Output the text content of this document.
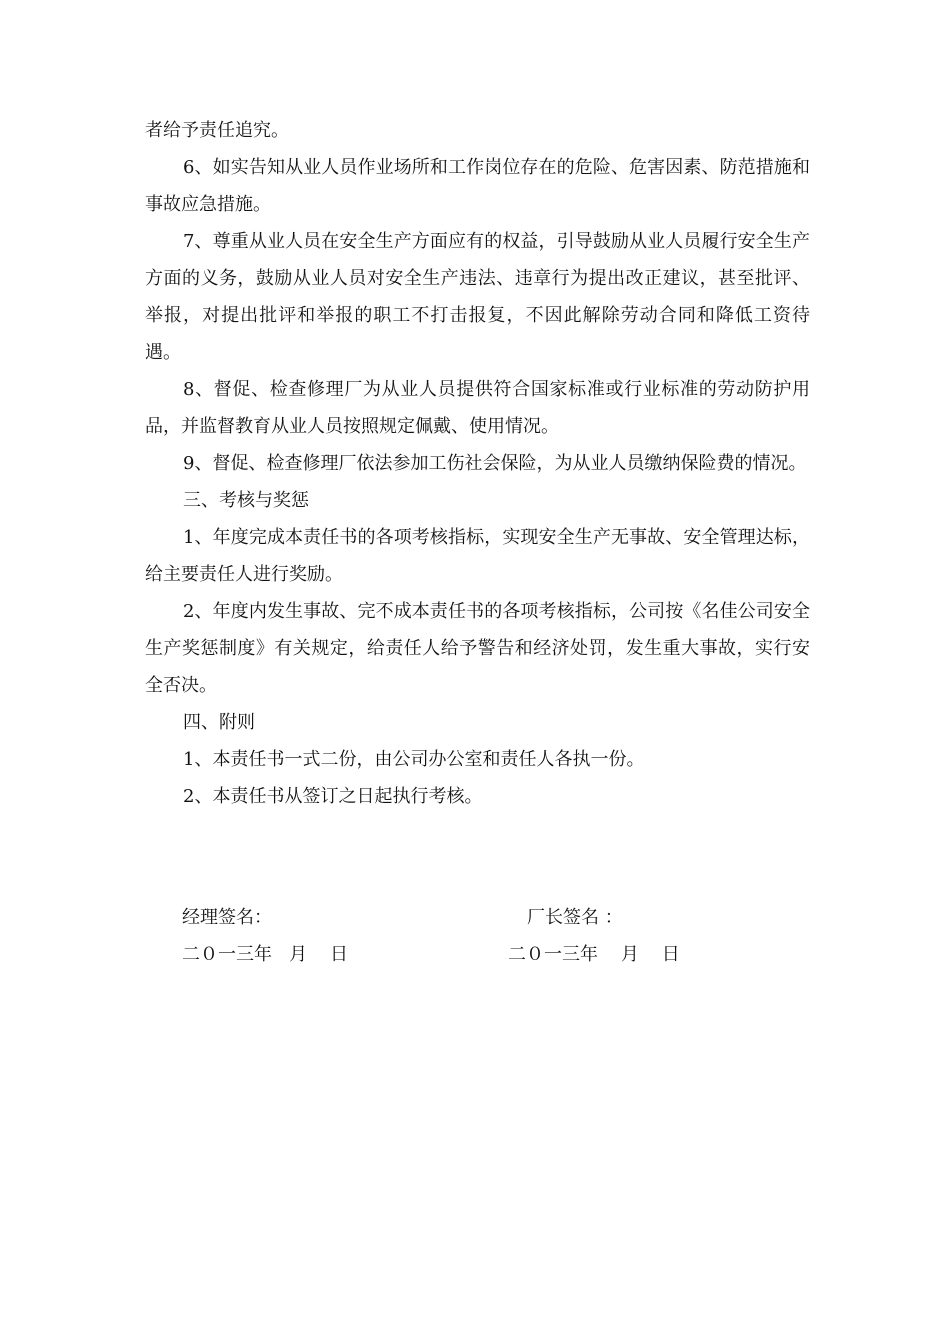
者给予责任追究。

6、如实告知从业人员作业场所和工作岗位存在的危险、危害因素、防范措施和事故应急措施。

7、尊重从业人员在安全生产方面应有的权益，引导鼓励从业人员履行安全生产方面的义务，鼓励从业人员对安全生产违法、违章行为提出改正建议，甚至批评、举报，对提出批评和举报的职工不打击报复，不因此解除劳动合同和降低工资待遇。

8、督促、检查修理厂为从业人员提供符合国家标准或行业标准的劳动防护用品，并监督教育从业人员按照规定佩戴、使用情况。

9、督促、检查修理厂依法参加工伤社会保险，为从业人员缴纳保险费的情况。

三、考核与奖惩

1、年度完成本责任书的各项考核指标，实现安全生产无事故、安全管理达标，给主要责任人进行奖励。

2、年度内发生事故、完不成本责任书的各项考核指标，公司按《名佳公司安全生产奖惩制度》有关规定，给责任人给予警告和经济处罚，发生重大事故，实行安全否决。

四、附则

1、本责任书一式二份，由公司办公室和责任人各执一份。

2、本责任书从签订之日起执行考核。

经理签名：	厂长签名 ：
二０一三年   月    日	二０一三年    月    日
